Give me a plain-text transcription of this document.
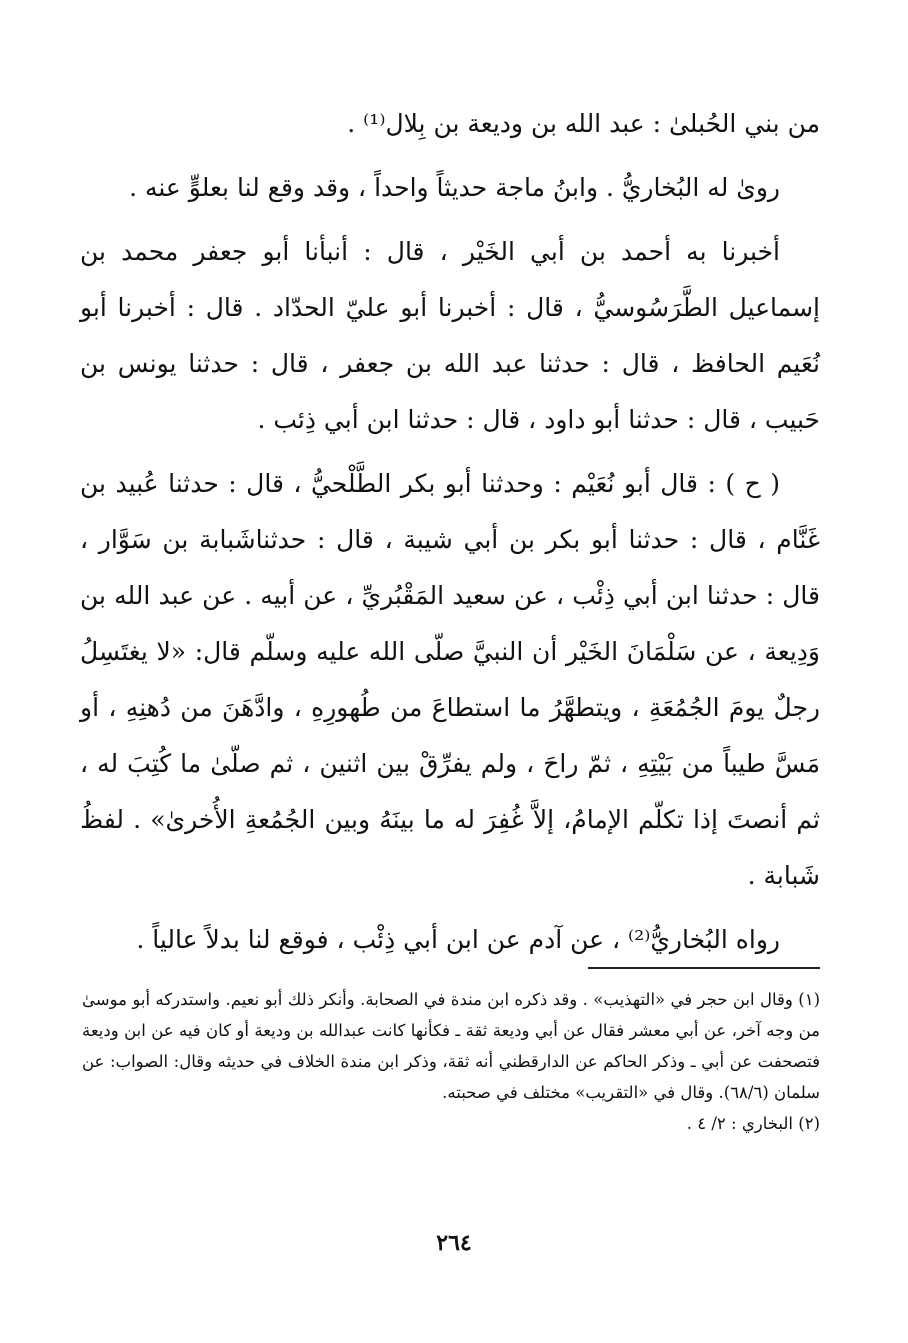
من بني الحُبلىٰ : عبد الله بن وديعة بن بِلال⁽¹⁾ .

روىٰ له البُخاريُّ . وابنُ ماجة حديثاً واحداً ، وقد وقع لنا بعلوٍّ عنه .

أخبرنا به أحمد بن أبي الخَيْر ، قال : أنبأنا أبو جعفر محمد بن إسماعيل الطَّرَسُوسيُّ ، قال : أخبرنا أبو عليّ الحدّاد . قال : أخبرنا أبو نُعَيم الحافظ ، قال : حدثنا عبد الله بن جعفر ، قال : حدثنا يونس بن حَبيب ، قال : حدثنا أبو داود ، قال : حدثنا ابن أبي ذِئب .

( ح ) : قال أبو نُعَيْم : وحدثنا أبو بكر الطَّلْحيُّ ، قال : حدثنا عُبيد بن غَنَّام ، قال : حدثنا أبو بكر بن أبي شيبة ، قال : حدثناشَبابة بن سَوَّار ، قال : حدثنا ابن أبي ذِئْب ، عن سعيد المَقْبُريِّ ، عن أبيه . عن عبد الله بن وَدِيعة ، عن سَلْمَانَ الخَيْر أن النبيَّ صلّى الله عليه وسلّم قال: «لا يغتَسِلُ رجلٌ يومَ الجُمُعَةِ ، ويتطهَّرُ ما استطاعَ من طُهورِهِ ، وادَّهَنَ من دُهنِهِ ، أو مَسَّ طيباً من بَيْتِهِ ، ثمّ راحَ ، ولم يفرِّقْ بين اثنين ، ثم صلّىٰ ما كُتِبَ له ، ثم أنصتَ إذا تكلّم الإمامُ، إلاَّ غُفِرَ له ما بينَهُ وبين الجُمُعةِ الأُخرىٰ» . لفظُ شَبابة .

رواه البُخاريُّ⁽²⁾ ، عن آدم عن ابن أبي ذِئْب ، فوقع لنا بدلاً عالياً .

(١) وقال ابن حجر في «التهذيب» . وقد ذكره ابن مندة في الصحابة. وأنكر ذلك أبو نعيم. واستدركه أبو موسىٰ من وجه آخر، عن أبي معشر فقال عن أبي وديعة ثقة ـ فكأنها كانت عبدالله بن وديعة أو كان فيه عن ابن وديعة فتصحفت عن أبي ـ وذكر الحاكم عن الدارقطني أنه ثقة، وذكر ابن مندة الخلاف في حديثه وقال: الصواب: عن سلمان (٦٨/٦). وقال في «التقريب» مختلف في صحبته.

(٢) البخاري : ٢/ ٤ .

٢٦٤
